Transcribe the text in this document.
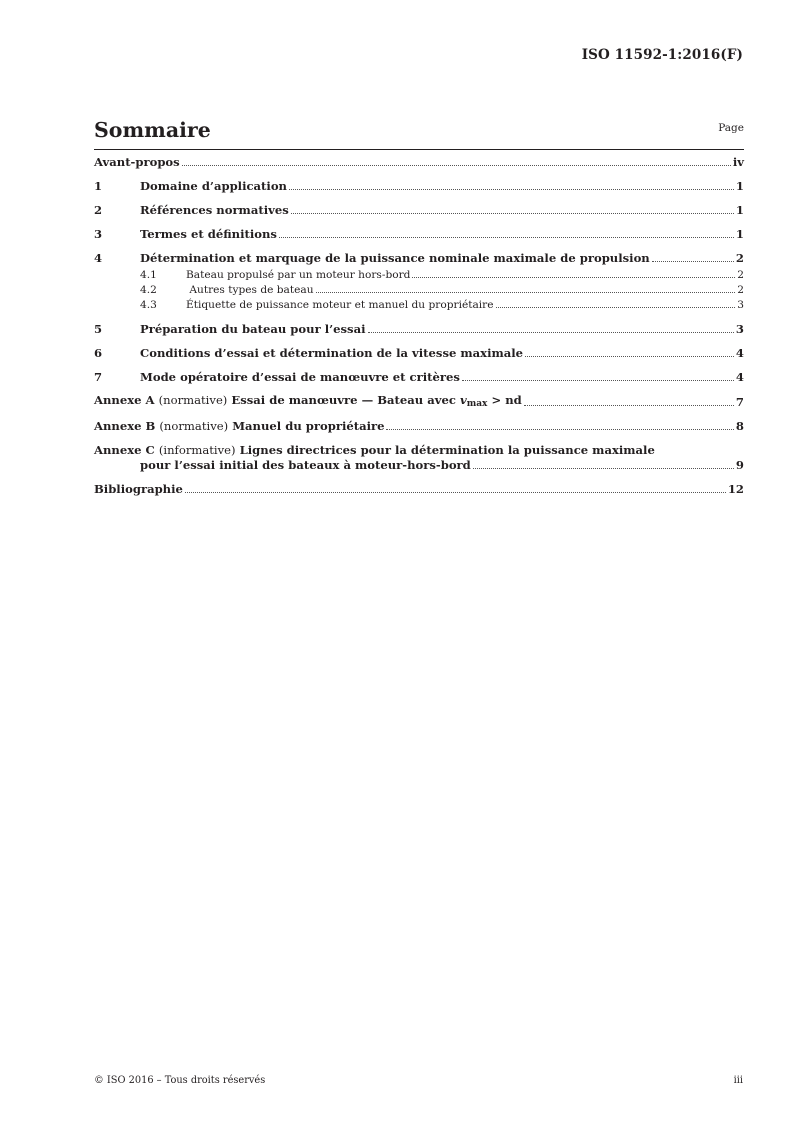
ISO 11592-1:2016(F)
Sommaire	Page
Avant-propos	iv
1	Domaine d’application	1
2	Références normatives	1
3	Termes et définitions	1
4	Détermination et marquage de la puissance nominale maximale de propulsion	2
4.1	Bateau propulsé par un moteur hors-bord	2
4.2	Autres types de bateau	2
4.3	Étiquette de puissance moteur et manuel du propriétaire	3
5	Préparation du bateau pour l’essai	3
6	Conditions d’essai et détermination de la vitesse maximale	4
7	Mode opératoire d’essai de manœuvre et critères	4
Annexe A (normative) Essai de manœuvre — Bateau avec $v_{max}$ > nd	7
Annexe B (normative) Manuel du propriétaire	8
Annexe C (informative) Lignes directrices pour la détermination la puissance maximale
pour l’essai initial des bateaux à moteur-hors-bord	9
Bibliographie	12
© ISO 2016 – Tous droits réservés	iii
